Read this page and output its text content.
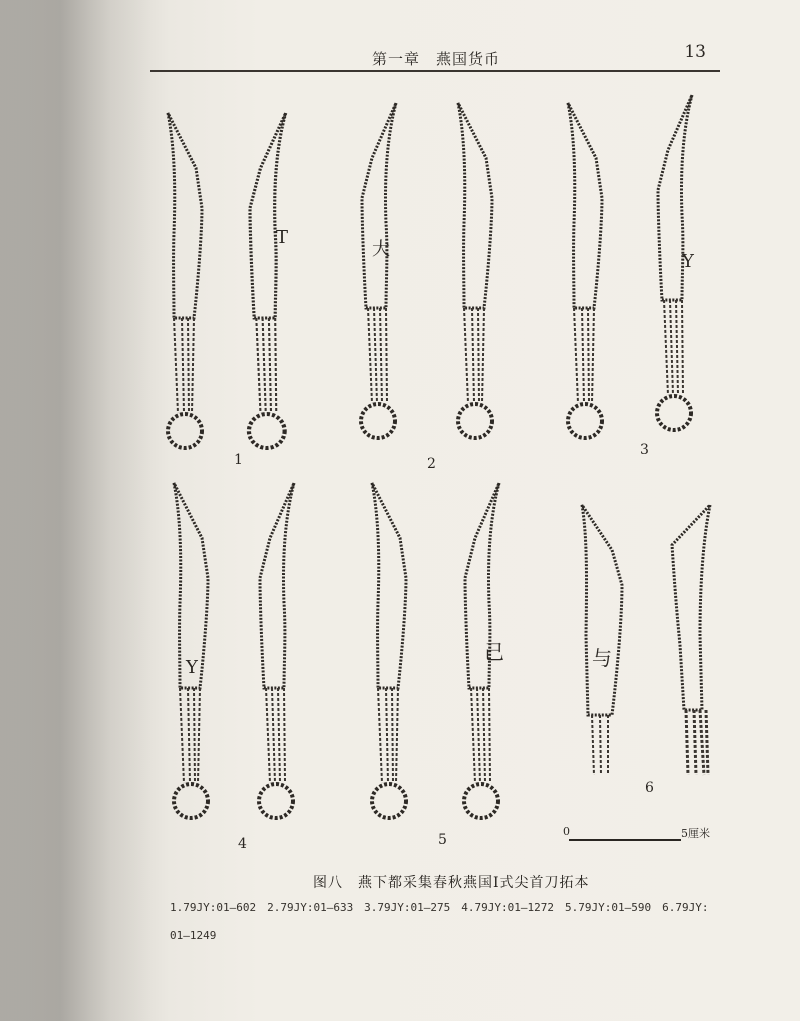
第一章　燕国货币	13
T
大
Y
Y
己	与
1	2
3
4	5
6
0	5厘米
图八　燕下都采集春秋燕国Ⅰ式尖首刀拓本
1.79JY:01—602　2.79JY:01—633　3.79JY:01—275　4.79JY:01—1272　5.79JY:01—590　6.79JY:
01—1249
